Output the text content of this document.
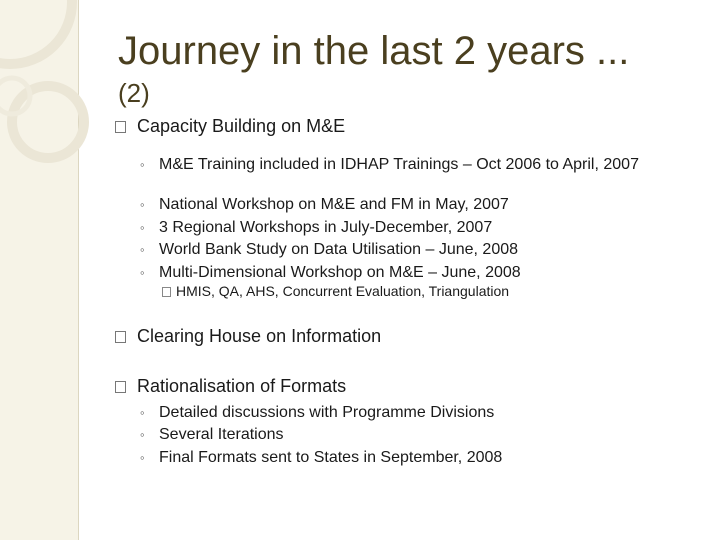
Journey in the last 2 years ...
(2)
Capacity Building on M&E
◦ M&E Training included in IDHAP Trainings – Oct 2006 to April, 2007
◦ National Workshop on M&E and FM in May, 2007
◦ 3 Regional Workshops in July-December, 2007
◦ World Bank Study on Data Utilisation – June, 2008
◦ Multi-Dimensional Workshop on M&E – June, 2008
HMIS, QA, AHS, Concurrent Evaluation, Triangulation
Clearing House on Information
Rationalisation of Formats
◦ Detailed discussions with Programme Divisions
◦ Several Iterations
◦ Final Formats sent to States in September, 2008
